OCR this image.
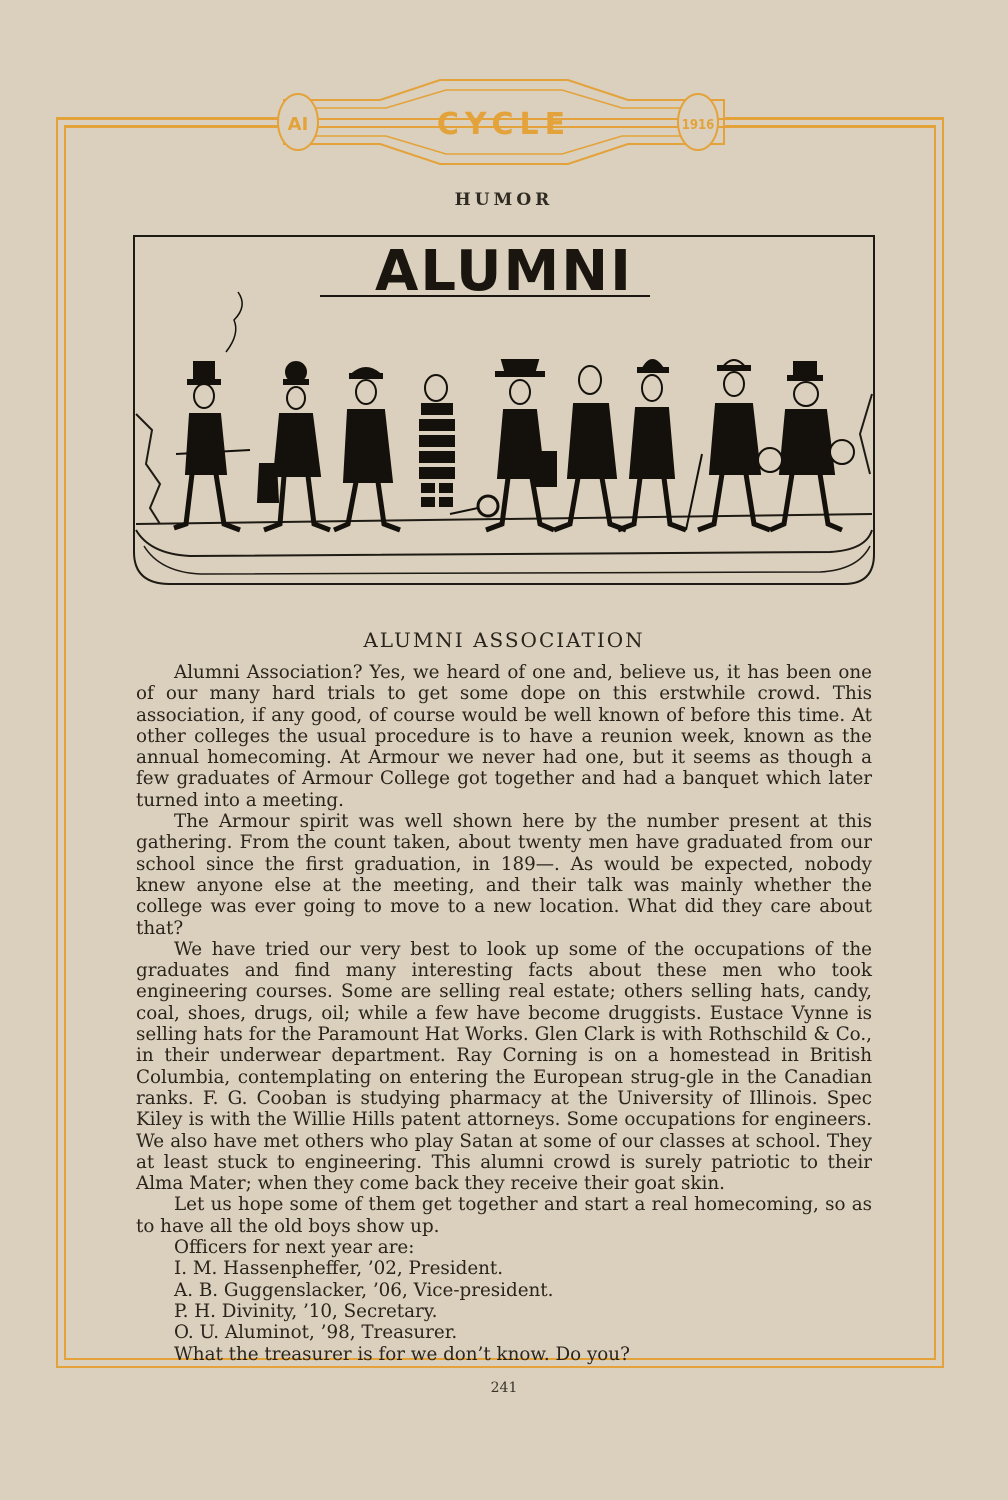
AI	1916
CYCLE
HUMOR
ALUMNI
ALUMNI ASSOCIATION

Alumni Association? Yes, we heard of one and, believe us, it has been one of our many hard trials to get some dope on this erstwhile crowd. This association, if any good, of course would be well known of before this time. At other colleges the usual procedure is to have a reunion week, known as the annual homecoming. At Armour we never had one, but it seems as though a few graduates of Armour College got together and had a banquet which later turned into a meeting.

The Armour spirit was well shown here by the number present at this gathering. From the count taken, about twenty men have graduated from our school since the first graduation, in 189—. As would be expected, nobody knew anyone else at the meeting, and their talk was mainly whether the college was ever going to move to a new location. What did they care about that?

We have tried our very best to look up some of the occupations of the graduates and find many interesting facts about these men who took engineering courses. Some are selling real estate; others selling hats, candy, coal, shoes, drugs, oil; while a few have become druggists. Eustace Vynne is selling hats for the Paramount Hat Works. Glen Clark is with Rothschild & Co., in their underwear department. Ray Corning is on a homestead in British Columbia, contemplating on entering the European strug-gle in the Canadian ranks. F. G. Cooban is studying pharmacy at the University of Illinois. Spec Kiley is with the Willie Hills patent attorneys. Some occupations for engineers. We also have met others who play Satan at some of our classes at school. They at least stuck to engineering. This alumni crowd is surely patriotic to their Alma Mater; when they come back they receive their goat skin.

Let us hope some of them get together and start a real homecoming, so as to have all the old boys show up.

Officers for next year are:

I. M. Hassenpheffer, ’02, President.
A. B. Guggenslacker, ’06, Vice-president.
P. H. Divinity, ’10, Secretary.
O. U. Aluminot, ’98, Treasurer.
What the treasurer is for we don’t know. Do you?
241
